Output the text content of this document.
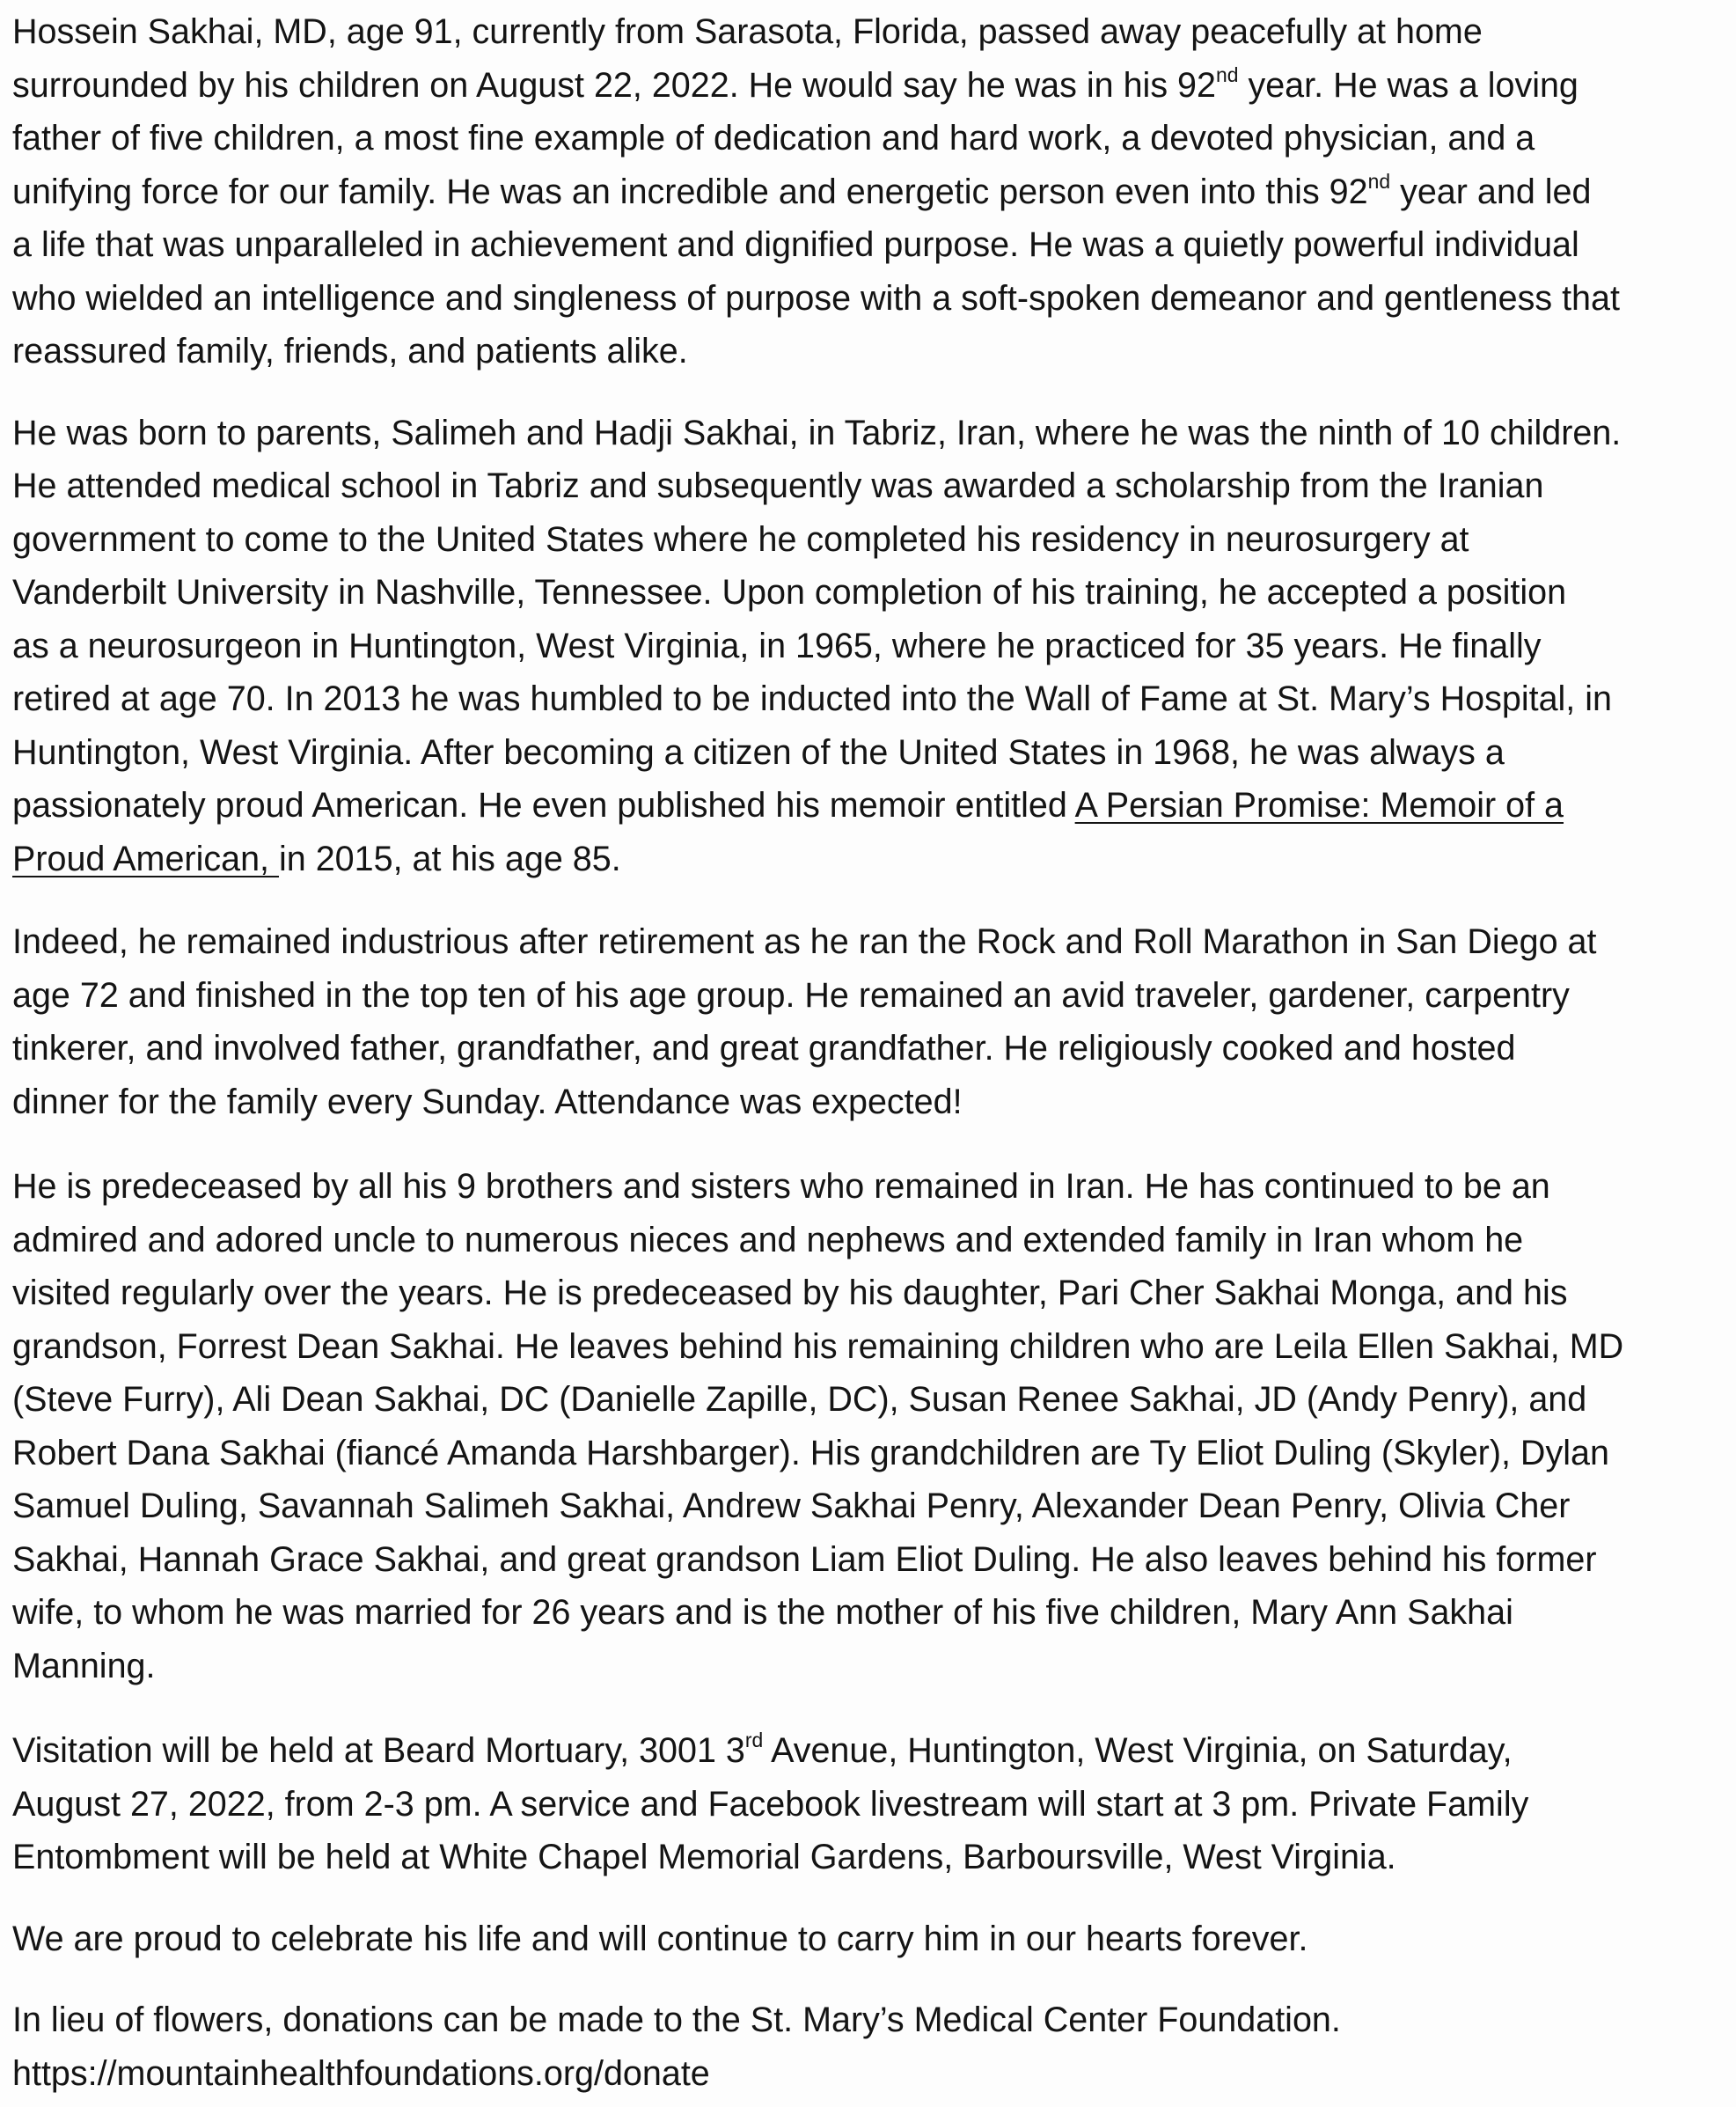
Hossein Sakhai, MD, age 91, currently from Sarasota, Florida, passed away peacefully at home
surrounded by his children on August 22, 2022. He would say he was in his 92nd year. He was a loving
father of five children, a most fine example of dedication and hard work, a devoted physician, and a
unifying force for our family. He was an incredible and energetic person even into this 92nd year and led
a life that was unparalleled in achievement and dignified purpose. He was a quietly powerful individual
who wielded an intelligence and singleness of purpose with a soft-spoken demeanor and gentleness that
reassured family, friends, and patients alike.

He was born to parents, Salimeh and Hadji Sakhai, in Tabriz, Iran, where he was the ninth of 10 children.
He attended medical school in Tabriz and subsequently was awarded a scholarship from the Iranian
government to come to the United States where he completed his residency in neurosurgery at
Vanderbilt University in Nashville, Tennessee. Upon completion of his training, he accepted a position
as a neurosurgeon in Huntington, West Virginia, in 1965, where he practiced for 35 years. He finally
retired at age 70. In 2013 he was humbled to be inducted into the Wall of Fame at St. Mary’s Hospital, in
Huntington, West Virginia. After becoming a citizen of the United States in 1968, he was always a
passionately proud American. He even published his memoir entitled A Persian Promise: Memoir of a
Proud American, in 2015, at his age 85.

Indeed, he remained industrious after retirement as he ran the Rock and Roll Marathon in San Diego at
age 72 and finished in the top ten of his age group. He remained an avid traveler, gardener, carpentry
tinkerer, and involved father, grandfather, and great grandfather. He religiously cooked and hosted
dinner for the family every Sunday. Attendance was expected!

He is predeceased by all his 9 brothers and sisters who remained in Iran. He has continued to be an
admired and adored uncle to numerous nieces and nephews and extended family in Iran whom he
visited regularly over the years. He is predeceased by his daughter, Pari Cher Sakhai Monga, and his
grandson, Forrest Dean Sakhai. He leaves behind his remaining children who are Leila Ellen Sakhai, MD
(Steve Furry), Ali Dean Sakhai, DC (Danielle Zapille, DC), Susan Renee Sakhai, JD (Andy Penry), and
Robert Dana Sakhai (fiancé Amanda Harshbarger). His grandchildren are Ty Eliot Duling (Skyler), Dylan
Samuel Duling, Savannah Salimeh Sakhai, Andrew Sakhai Penry, Alexander Dean Penry, Olivia Cher
Sakhai, Hannah Grace Sakhai, and great grandson Liam Eliot Duling. He also leaves behind his former
wife, to whom he was married for 26 years and is the mother of his five children, Mary Ann Sakhai
Manning.

Visitation will be held at Beard Mortuary, 3001 3rd Avenue, Huntington, West Virginia, on Saturday,
August 27, 2022, from 2-3 pm. A service and Facebook livestream will start at 3 pm. Private Family
Entombment will be held at White Chapel Memorial Gardens, Barboursville, West Virginia.

We are proud to celebrate his life and will continue to carry him in our hearts forever.

In lieu of flowers, donations can be made to the St. Mary’s Medical Center Foundation.
https://mountainhealthfoundations.org/donate
